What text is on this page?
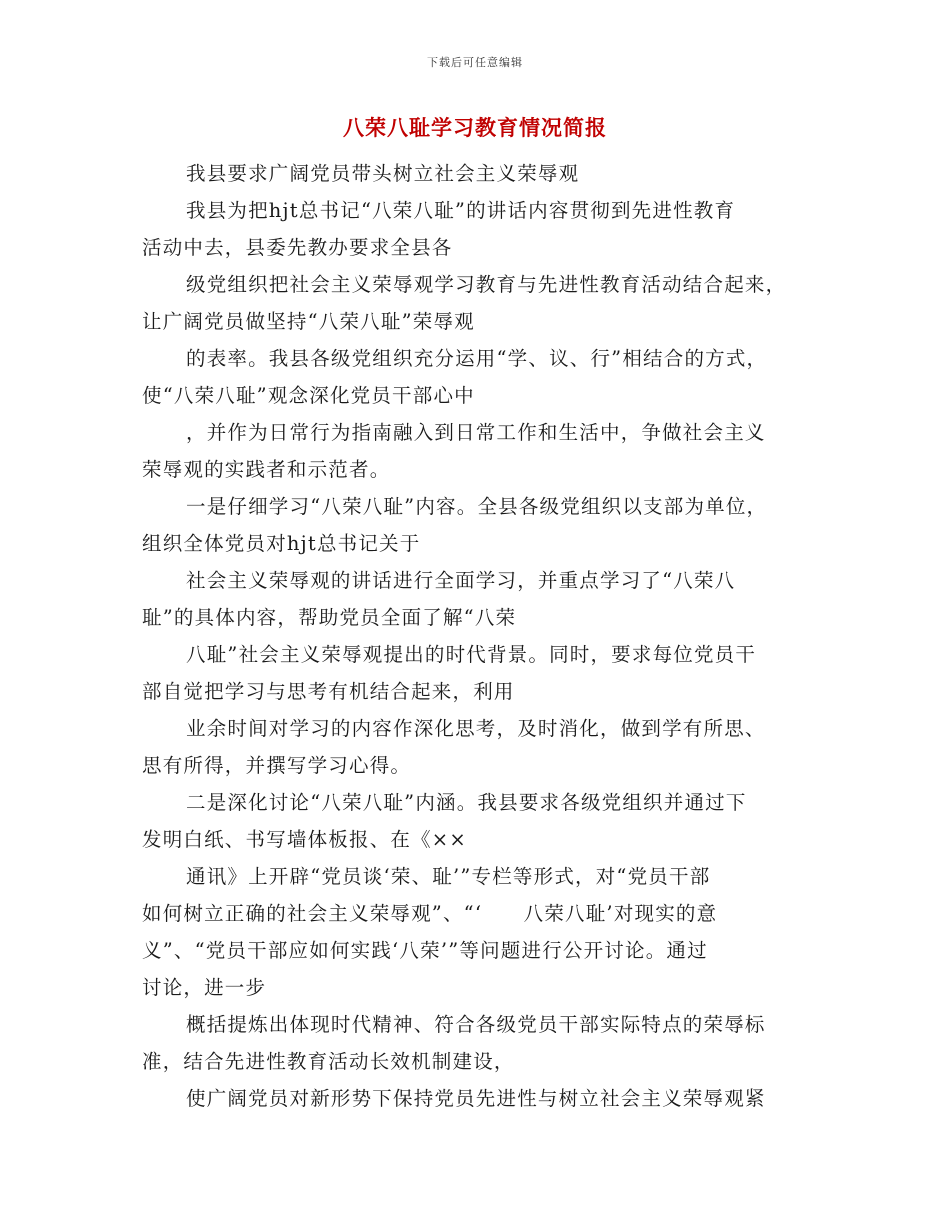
下载后可任意编辑
八荣八耻学习教育情况简报

我县要求广阔党员带头树立社会主义荣辱观

我县为把hjt总书记“八荣八耻”的讲话内容贯彻到先进性教育
活动中去，县委先教办要求全县各

级党组织把社会主义荣辱观学习教育与先进性教育活动结合起来，
让广阔党员做坚持“八荣八耻”荣辱观

的表率。我县各级党组织充分运用“学、议、行”相结合的方式，
使“八荣八耻”观念深化党员干部心中

，并作为日常行为指南融入到日常工作和生活中，争做社会主义
荣辱观的实践者和示范者。

一是仔细学习“八荣八耻”内容。全县各级党组织以支部为单位，
组织全体党员对hjt总书记关于

社会主义荣辱观的讲话进行全面学习，并重点学习了“八荣八
耻”的具体内容，帮助党员全面了解“八荣

八耻”社会主义荣辱观提出的时代背景。同时，要求每位党员干
部自觉把学习与思考有机结合起来，利用

业余时间对学习的内容作深化思考，及时消化，做到学有所思、
思有所得，并撰写学习心得。

二是深化讨论“八荣八耻”内涵。我县要求各级党组织并通过下
发明白纸、书写墙体板报、在《××

通讯》上开辟“党员谈‘荣、耻’”专栏等形式，对“党员干部
如何树立正确的社会主义荣辱观”、“‘　　八荣八耻’对现实的意
义”、“党员干部应如何实践‘八荣’”等问题进行公开讨论。通过
讨论，进一步

概括提炼出体现时代精神、符合各级党员干部实际特点的荣辱标
准，结合先进性教育活动长效机制建设，

使广阔党员对新形势下保持党员先进性与树立社会主义荣辱观紧
